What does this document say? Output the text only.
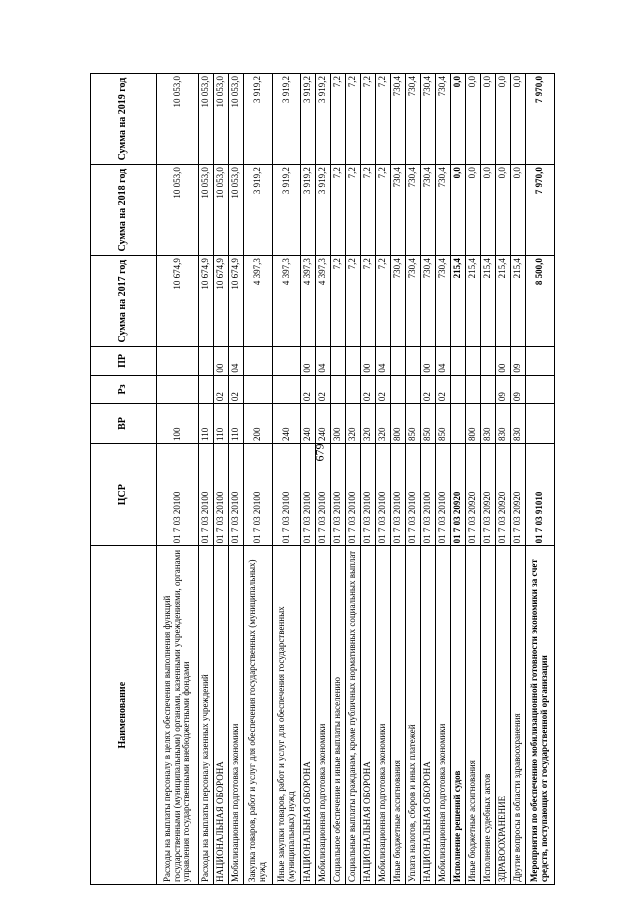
679
Наименование	ЦСР	ВР	Рз	ПР	Сумма на 2017 год	Сумма на 2018 год	Сумма на 2019 год
Расходы на выплаты персоналу в целях обеспечения выполнения функций государственными (муниципальными) органами, казенными учреждениями, органами управления государственными внебюджетными фондами	01 7 03 20100	100			10 674,9	10 053,0	10 053,0
Расходы на выплаты персоналу казенных учреждений	01 7 03 20100	110			10 674,9	10 053,0	10 053,0
НАЦИОНАЛЬНАЯ ОБОРОНА	01 7 03 20100	110	02	00	10 674,9	10 053,0	10 053,0
Мобилизационная подготовка экономики	01 7 03 20100	110	02	04	10 674,9	10 053,0	10 053,0
Закупка товаров, работ и услуг для обеспечения государственных (муниципальных) нужд	01 7 03 20100	200			4 397,3	3 919,2	3 919,2
Иные закупки товаров, работ и услуг для обеспечения государственных (муниципальных) нужд	01 7 03 20100	240			4 397,3	3 919,2	3 919,2
НАЦИОНАЛЬНАЯ ОБОРОНА	01 7 03 20100	240	02	00	4 397,3	3 919,2	3 919,2
Мобилизационная подготовка экономики	01 7 03 20100	240	02	04	4 397,3	3 919,2	3 919,2
Социальное обеспечение и иные выплаты населению	01 7 03 20100	300			7,2	7,2	7,2
Социальные выплаты гражданам, кроме публичных нормативных социальных выплат	01 7 03 20100	320			7,2	7,2	7,2
НАЦИОНАЛЬНАЯ ОБОРОНА	01 7 03 20100	320	02	00	7,2	7,2	7,2
Мобилизационная подготовка экономики	01 7 03 20100	320	02	04	7,2	7,2	7,2
Иные бюджетные ассигнования	01 7 03 20100	800			730,4	730,4	730,4
Уплата налогов, сборов и иных платежей	01 7 03 20100	850			730,4	730,4	730,4
НАЦИОНАЛЬНАЯ ОБОРОНА	01 7 03 20100	850	02	00	730,4	730,4	730,4
Мобилизационная подготовка экономики	01 7 03 20100	850	02	04	730,4	730,4	730,4
Исполнение решений судов	01 7 03 20920				215,4	0,0	0,0
Иные бюджетные ассигнования	01 7 03 20920	800			215,4	0,0	0,0
Исполнение судебных актов	01 7 03 20920	830			215,4	0,0	0,0
ЗДРАВООХРАНЕНИЕ	01 7 03 20920	830	09	00	215,4	0,0	0,0
Другие вопросы в области здравоохранения	01 7 03 20920	830	09	09	215,4	0,0	0,0
Мероприятия по обеспечению мобилизационной готовности экономики за счет средств, поступающих от государственной организации	01 7 03 91010				8 500,0	7 970,0	7 970,0
